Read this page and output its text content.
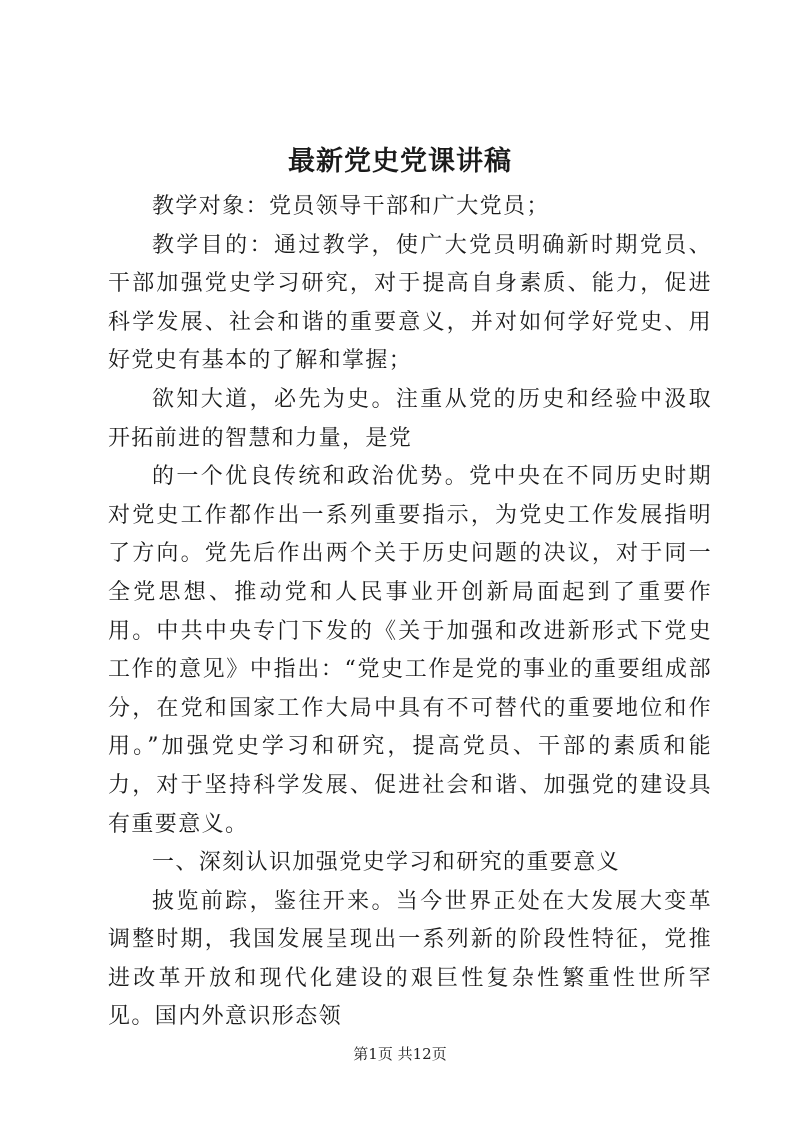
最新党史党课讲稿

教学对象：党员领导干部和广大党员；

教学目的：通过教学，使广大党员明确新时期党员、干部加强党史学习研究，对于提高自身素质、能力，促进科学发展、社会和谐的重要意义，并对如何学好党史、用好党史有基本的了解和掌握；

欲知大道，必先为史。注重从党的历史和经验中汲取开拓前进的智慧和力量，是党

的一个优良传统和政治优势。党中央在不同历史时期对党史工作都作出一系列重要指示，为党史工作发展指明了方向。党先后作出两个关于历史问题的决议，对于同一全党思想、推动党和人民事业开创新局面起到了重要作用。中共中央专门下发的《关于加强和改进新形式下党史工作的意见》中指出：“党史工作是党的事业的重要组成部分，在党和国家工作大局中具有不可替代的重要地位和作用。”加强党史学习和研究，提高党员、干部的素质和能力，对于坚持科学发展、促进社会和谐、加强党的建设具有重要意义。

一、深刻认识加强党史学习和研究的重要意义

披览前踪，鉴往开来。当今世界正处在大发展大变革调整时期，我国发展呈现出一系列新的阶段性特征，党推进改革开放和现代化建设的艰巨性复杂性繁重性世所罕见。国内外意识形态领

第1页 共12页
